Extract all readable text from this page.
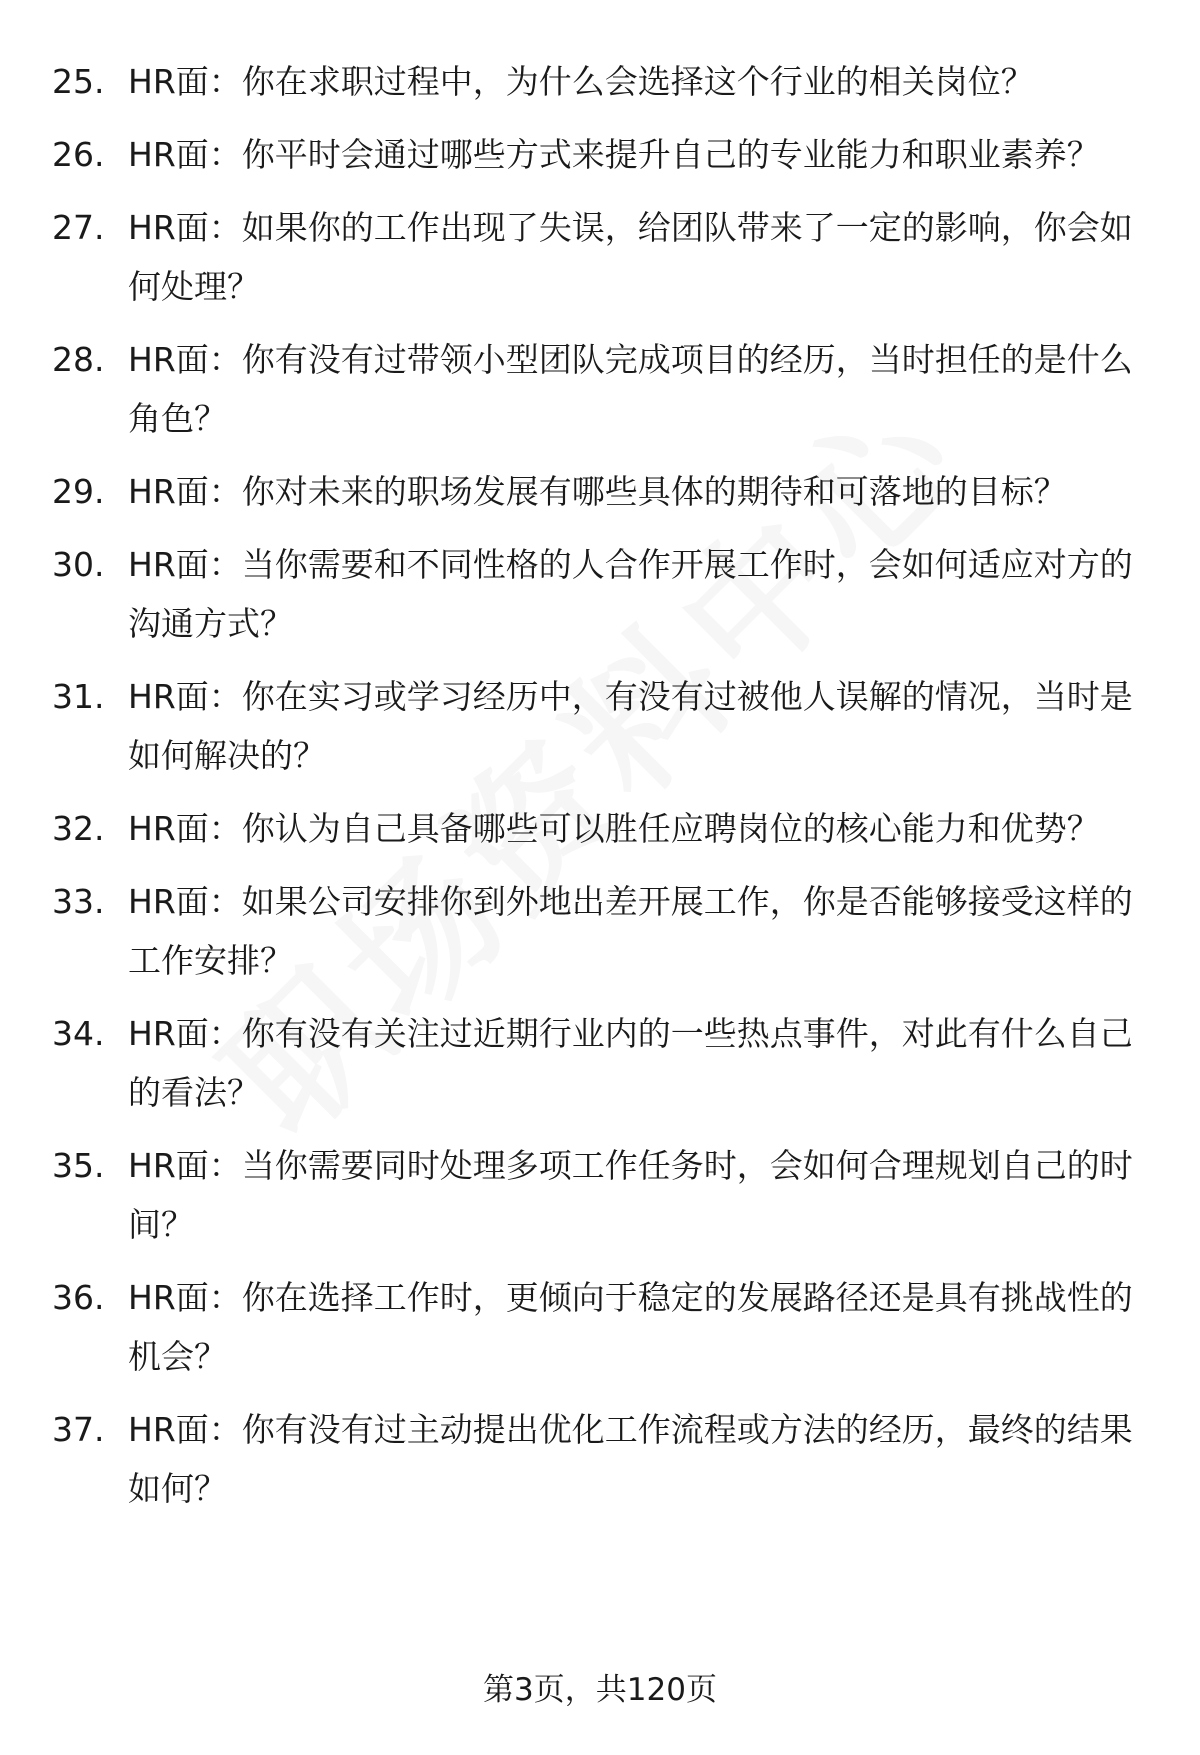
25. HR面：你在求职过程中，为什么会选择这个行业的相关岗位？
26. HR面：你平时会通过哪些方式来提升自己的专业能力和职业素养？
27. HR面：如果你的工作出现了失误，给团队带来了一定的影响，你会如何处理？
28. HR面：你有没有过带领小型团队完成项目的经历，当时担任的是什么角色？
29. HR面：你对未来的职场发展有哪些具体的期待和可落地的目标？
30. HR面：当你需要和不同性格的人合作开展工作时，会如何适应对方的沟通方式？
31. HR面：你在实习或学习经历中，有没有过被他人误解的情况，当时是如何解决的？
32. HR面：你认为自己具备哪些可以胜任应聘岗位的核心能力和优势？
33. HR面：如果公司安排你到外地出差开展工作，你是否能够接受这样的工作安排？
34. HR面：你有没有关注过近期行业内的一些热点事件，对此有什么自己的看法？
35. HR面：当你需要同时处理多项工作任务时，会如何合理规划自己的时间？
36. HR面：你在选择工作时，更倾向于稳定的发展路径还是具有挑战性的机会？
37. HR面：你有没有过主动提出优化工作流程或方法的经历，最终的结果如何？
第3页，共120页
